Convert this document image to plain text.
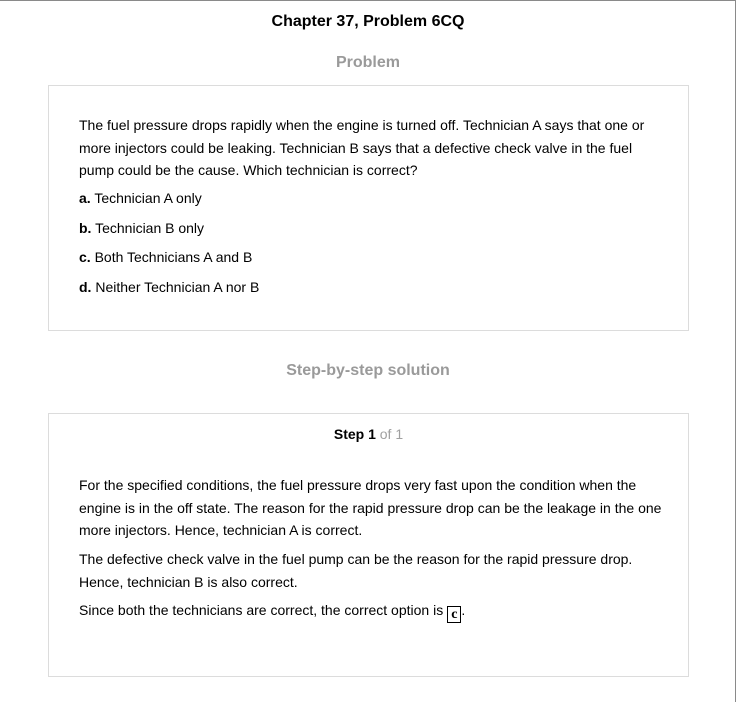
Chapter 37, Problem 6CQ
Problem
The fuel pressure drops rapidly when the engine is turned off. Technician A says that one or more injectors could be leaking. Technician B says that a defective check valve in the fuel pump could be the cause. Which technician is correct?
a. Technician A only
b. Technician B only
c. Both Technicians A and B
d. Neither Technician A nor B
Step-by-step solution
Step 1 of 1
For the specified conditions, the fuel pressure drops very fast upon the condition when the engine is in the off state. The reason for the rapid pressure drop can be the leakage in the one more injectors. Hence, technician A is correct.
The defective check valve in the fuel pump can be the reason for the rapid pressure drop. Hence, technician B is also correct.
Since both the technicians are correct, the correct option is c .
